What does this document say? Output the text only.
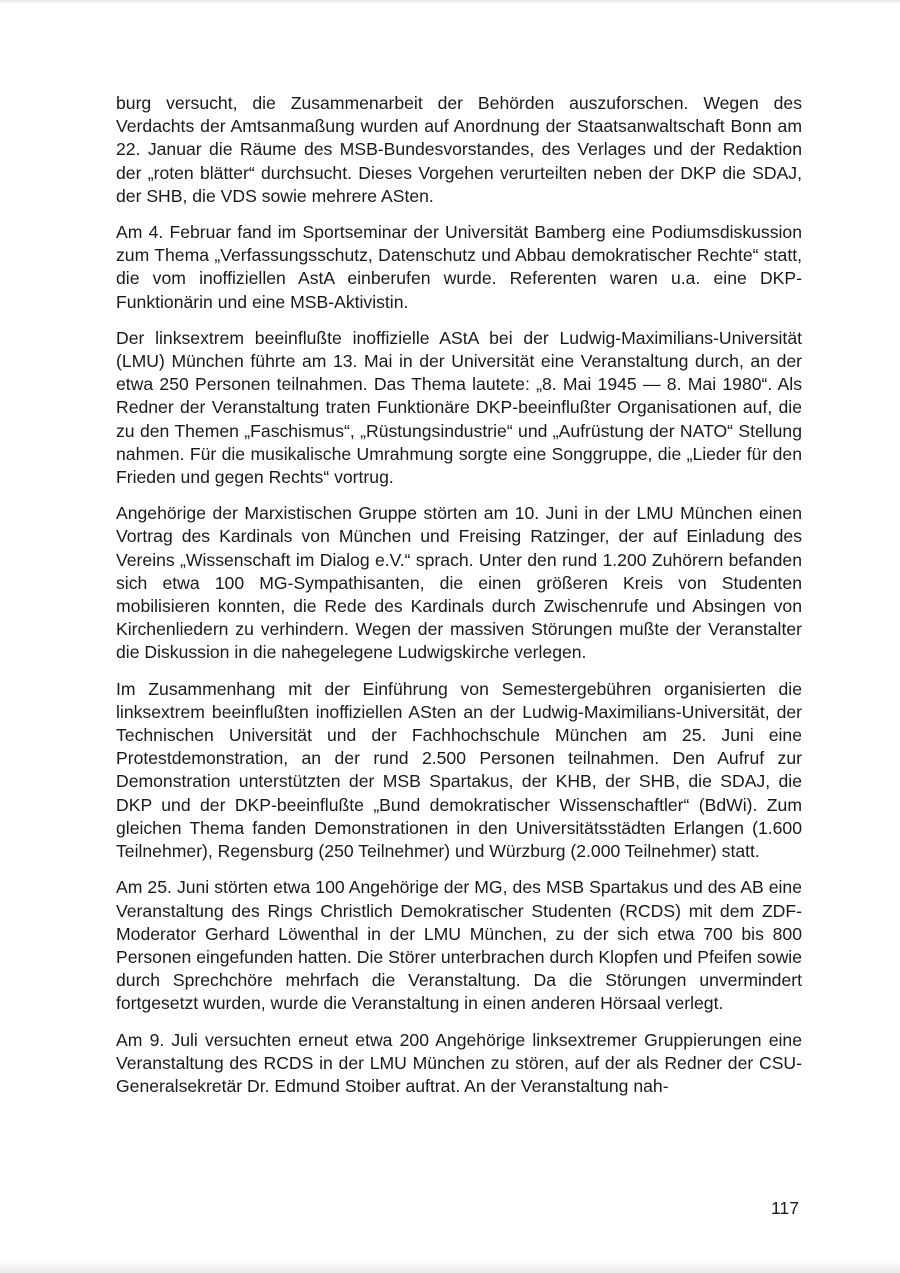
burg versucht, die Zusammenarbeit der Behörden auszuforschen. Wegen des Verdachts der Amtsanmaßung wurden auf Anordnung der Staatsanwaltschaft Bonn am 22. Januar die Räume des MSB-Bundesvorstandes, des Verlages und der Redaktion der „roten blätter“ durchsucht. Dieses Vorgehen verurteilten neben der DKP die SDAJ, der SHB, die VDS sowie mehrere ASten.

Am 4. Februar fand im Sportseminar der Universität Bamberg eine Podiumsdiskussion zum Thema „Verfassungsschutz, Datenschutz und Abbau demokratischer Rechte“ statt, die vom inoffiziellen AstA einberufen wurde. Referenten waren u.a. eine DKP-Funktionärin und eine MSB-Aktivistin.

Der linksextrem beeinflußte inoffizielle AStA bei der Ludwig-Maximilians-Universität (LMU) München führte am 13. Mai in der Universität eine Veranstaltung durch, an der etwa 250 Personen teilnahmen. Das Thema lautete: „8. Mai 1945 — 8. Mai 1980“. Als Redner der Veranstaltung traten Funktionäre DKP-beeinflußter Organisationen auf, die zu den Themen „Faschismus“, „Rüstungsindustrie“ und „Aufrüstung der NATO“ Stellung nahmen. Für die musikalische Umrahmung sorgte eine Songgruppe, die „Lieder für den Frieden und gegen Rechts“ vortrug.

Angehörige der Marxistischen Gruppe störten am 10. Juni in der LMU München einen Vortrag des Kardinals von München und Freising Ratzinger, der auf Einladung des Vereins „Wissenschaft im Dialog e.V.“ sprach. Unter den rund 1.200 Zuhörern befanden sich etwa 100 MG-Sympathisanten, die einen größeren Kreis von Studenten mobilisieren konnten, die Rede des Kardinals durch Zwischenrufe und Absingen von Kirchenliedern zu verhindern. Wegen der massiven Störungen mußte der Veranstalter die Diskussion in die nahegelegene Ludwigskirche verlegen.

Im Zusammenhang mit der Einführung von Semestergebühren organisierten die linksextrem beeinflußten inoffiziellen ASten an der Ludwig-Maximilians-Universität, der Technischen Universität und der Fachhochschule München am 25. Juni eine Protestdemonstration, an der rund 2.500 Personen teilnahmen. Den Aufruf zur Demonstration unterstützten der MSB Spartakus, der KHB, der SHB, die SDAJ, die DKP und der DKP-beeinflußte „Bund demokratischer Wissenschaftler“ (BdWi). Zum gleichen Thema fanden Demonstrationen in den Universitätsstädten Erlangen (1.600 Teilnehmer), Regensburg (250 Teilnehmer) und Würzburg (2.000 Teilnehmer) statt.

Am 25. Juni störten etwa 100 Angehörige der MG, des MSB Spartakus und des AB eine Veranstaltung des Rings Christlich Demokratischer Studenten (RCDS) mit dem ZDF-Moderator Gerhard Löwenthal in der LMU München, zu der sich etwa 700 bis 800 Personen eingefunden hatten. Die Störer unterbrachen durch Klopfen und Pfeifen sowie durch Sprechchöre mehrfach die Veranstaltung. Da die Störungen unvermindert fortgesetzt wurden, wurde die Veranstaltung in einen anderen Hörsaal verlegt.

Am 9. Juli versuchten erneut etwa 200 Angehörige linksextremer Gruppierungen eine Veranstaltung des RCDS in der LMU München zu stören, auf der als Redner der CSU-Generalsekretär Dr. Edmund Stoiber auftrat. An der Veranstaltung nah-

117
